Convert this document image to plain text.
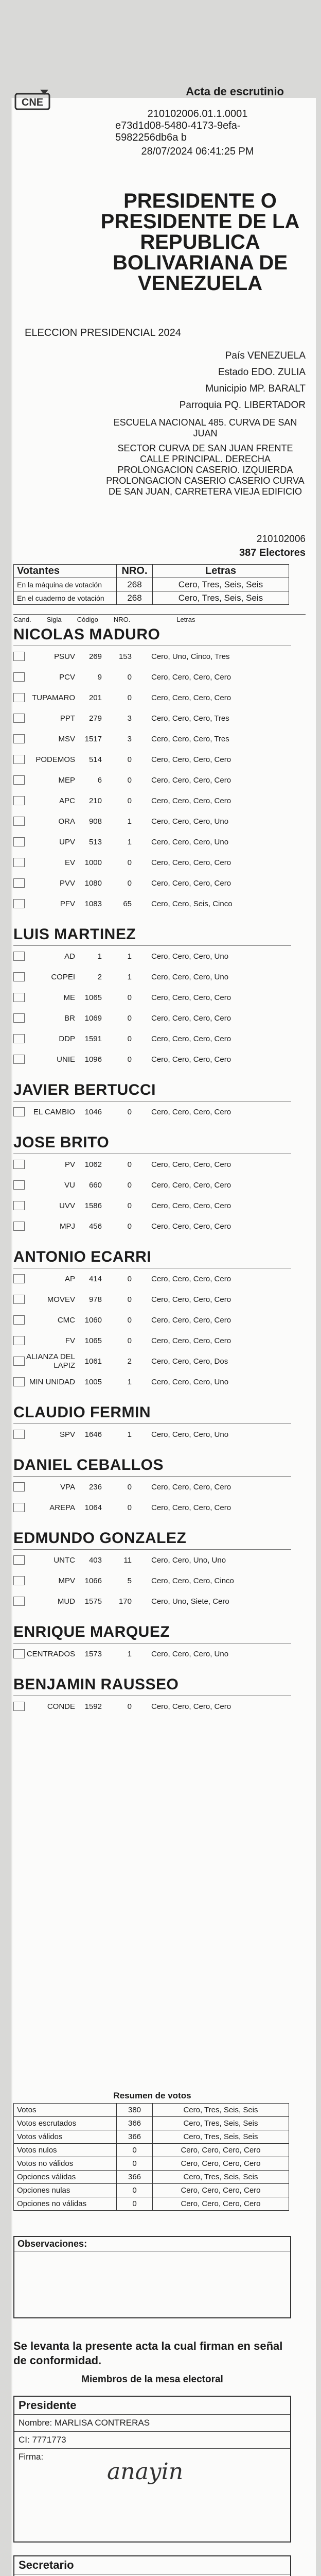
CNE
Acta de escrutinio
210102006.01.1.0001
e73d1d08-5480-4173-9efa-5982256db6a b
28/07/2024 06:41:25 PM
PRESIDENTE O PRESIDENTE DE LA REPUBLICA BOLIVARIANA DE VENEZUELA
ELECCION PRESIDENCIAL 2024
País VENEZUELA
Estado EDO. ZULIA
Municipio MP. BARALT
Parroquia PQ. LIBERTADOR
ESCUELA NACIONAL 485. CURVA DE SAN JUAN
SECTOR CURVA DE SAN JUAN FRENTE CALLE PRINCIPAL. DERECHA PROLONGACION CASERIO. IZQUIERDA PROLONGACION CASERIO CASERIO CURVA DE SAN JUAN, CARRETERA VIEJA EDIFICIO
210102006
387 Electores
Votantes	NRO.	Letras
En la máquina de votación	268	Cero, Tres, Seis, Seis
En el cuaderno de votación	268	Cero, Tres, Seis, Seis
Cand. Sigla Código NRO.	Letras
NICOLAS MADURO
PSUV	269	153	Cero, Uno, Cinco, Tres
PCV	9	0	Cero, Cero, Cero, Cero
TUPAMARO	201	0	Cero, Cero, Cero, Cero
PPT	279	3	Cero, Cero, Cero, Tres
MSV	1517	3	Cero, Cero, Cero, Tres
PODEMOS	514	0	Cero, Cero, Cero, Cero
MEP	6	0	Cero, Cero, Cero, Cero
APC	210	0	Cero, Cero, Cero, Cero
ORA	908	1	Cero, Cero, Cero, Uno
UPV	513	1	Cero, Cero, Cero, Uno
EV	1000	0	Cero, Cero, Cero, Cero
PVV	1080	0	Cero, Cero, Cero, Cero
PFV	1083	65	Cero, Cero, Seis, Cinco
LUIS MARTINEZ
AD	1	1	Cero, Cero, Cero, Uno
COPEI	2	1	Cero, Cero, Cero, Uno
ME	1065	0	Cero, Cero, Cero, Cero
BR	1069	0	Cero, Cero, Cero, Cero
DDP	1591	0	Cero, Cero, Cero, Cero
UNIE	1096	0	Cero, Cero, Cero, Cero
JAVIER BERTUCCI
EL CAMBIO	1046	0	Cero, Cero, Cero, Cero
JOSE BRITO
PV	1062	0	Cero, Cero, Cero, Cero
VU	660	0	Cero, Cero, Cero, Cero
UVV	1586	0	Cero, Cero, Cero, Cero
MPJ	456	0	Cero, Cero, Cero, Cero
ANTONIO ECARRI
AP	414	0	Cero, Cero, Cero, Cero
MOVEV	978	0	Cero, Cero, Cero, Cero
CMC	1060	0	Cero, Cero, Cero, Cero
FV	1065	0	Cero, Cero, Cero, Cero
ALIANZA DEL LAPIZ	1061	2	Cero, Cero, Cero, Dos
MIN UNIDAD	1005	1	Cero, Cero, Cero, Uno
CLAUDIO FERMIN
SPV	1646	1	Cero, Cero, Cero, Uno
DANIEL CEBALLOS
VPA	236	0	Cero, Cero, Cero, Cero
AREPA	1064	0	Cero, Cero, Cero, Cero
EDMUNDO GONZALEZ
UNTC	403	11	Cero, Cero, Uno, Uno
MPV	1066	5	Cero, Cero, Cero, Cinco
MUD	1575	170	Cero, Uno, Siete, Cero
ENRIQUE MARQUEZ
CENTRADOS	1573	1	Cero, Cero, Cero, Uno
BENJAMIN RAUSSEO
CONDE	1592	0	Cero, Cero, Cero, Cero
Resumen de votos
Votos	380	Cero, Tres, Seis, Seis
Votos escrutados	366	Cero, Tres, Seis, Seis
Votos válidos	366	Cero, Tres, Seis, Seis
Votos nulos	0	Cero, Cero, Cero, Cero
Votos no válidos	0	Cero, Cero, Cero, Cero
Opciones válidas	366	Cero, Tres, Seis, Seis
Opciones nulas	0	Cero, Cero, Cero, Cero
Opciones no válidas	0	Cero, Cero, Cero, Cero
Observaciones:
Se levanta la presente acta la cual firman en señal de conformidad.
Miembros de la mesa electoral
Presidente
Nombre: MARLISA CONTRERAS
CI: 7771773
Firma:
anayin
Secretario
